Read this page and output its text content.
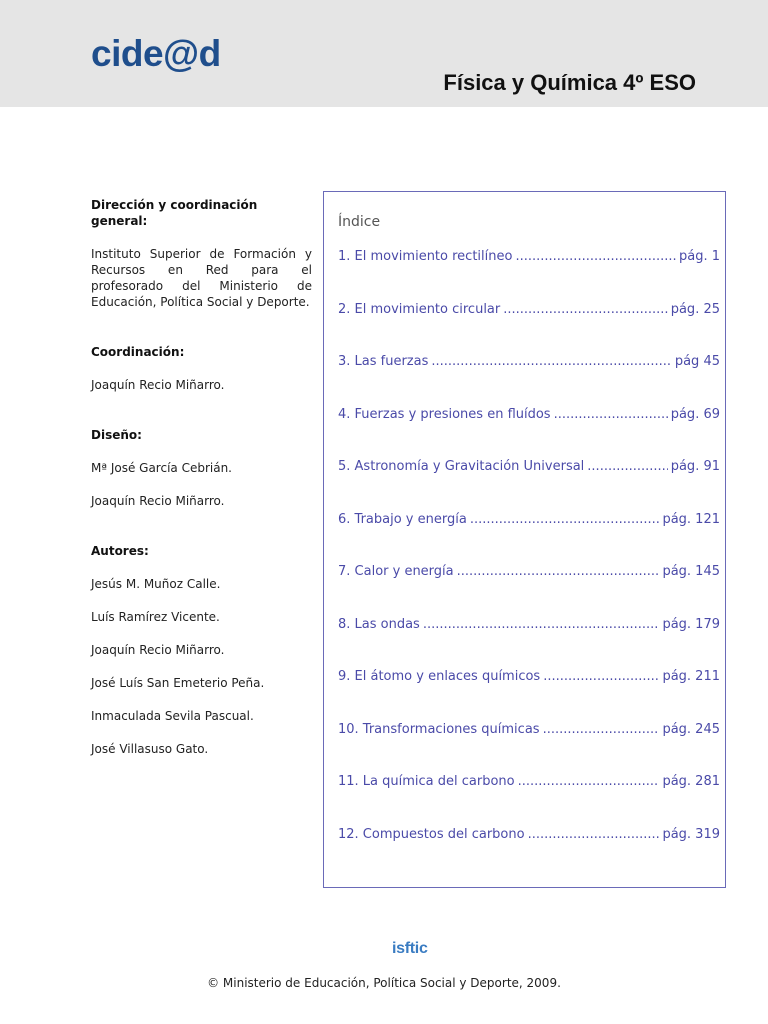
cide@d
Física y Química 4º ESO
Dirección y coordinación general:
Instituto Superior de Formación y Recursos en Red para el profesorado del Ministerio de Educación, Política Social y Deporte.
Coordinación:
Joaquín Recio Miñarro.
Diseño:
Mª José García Cebrián.
Joaquín Recio Miñarro.
Autores:
Jesús M. Muñoz Calle.
Luís Ramírez Vicente.
Joaquín Recio Miñarro.
José Luís San Emeterio Peña.
Inmaculada Sevila Pascual.
José Villasuso Gato.
Índice
1. El movimiento rectilíneo .....	pág. 1
2. El movimiento circular .....	pág. 25
3. Las fuerzas .....	pág 45
4. Fuerzas y presiones en fluídos .....	pág. 69
5. Astronomía y Gravitación Universal .....	pág. 91
6. Trabajo y energía .....	pág. 121
7. Calor y energía .....	pág. 145
8. Las ondas .....	pág. 179
9. El átomo y enlaces químicos .....	pág. 211
10. Transformaciones químicas .....	pág. 245
11. La química del carbono .....	pág. 281
12. Compuestos del carbono .....	pág. 319
isftic
© Ministerio de Educación, Política Social y Deporte, 2009.
